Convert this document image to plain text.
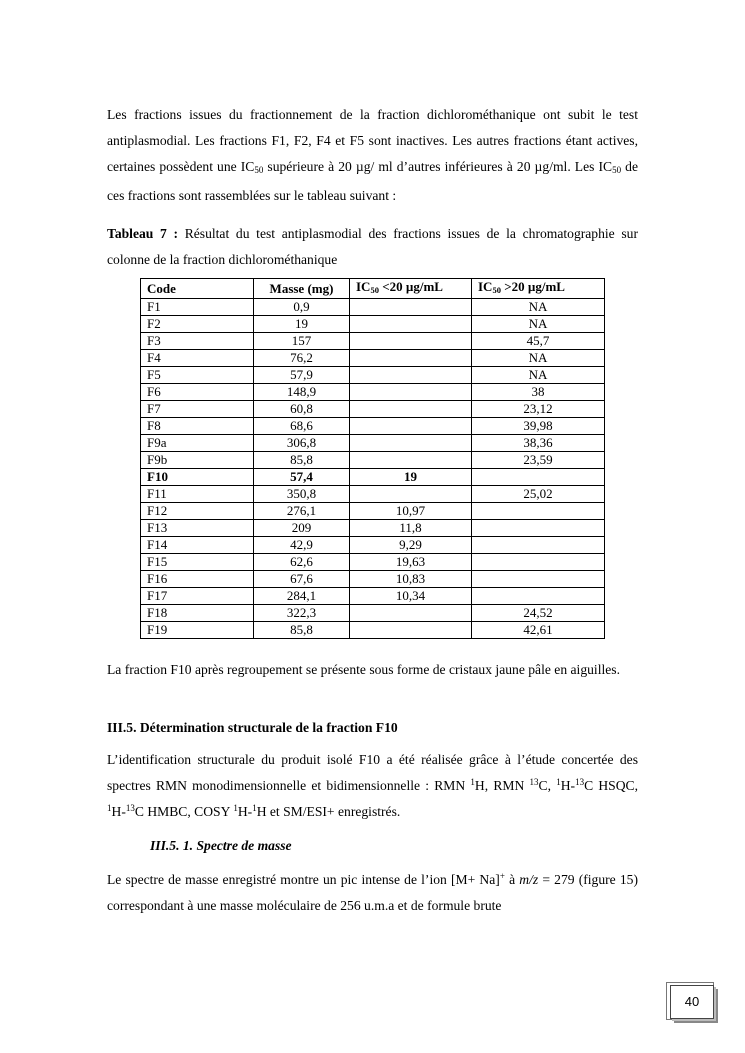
Les fractions issues du fractionnement de la fraction dichlorométhanique ont subit le test antiplasmodial. Les fractions F1, F2, F4 et F5 sont inactives. Les autres fractions étant actives, certaines possèdent une $IC_{50}$ supérieure à 20 µg/ ml d’autres inférieures à 20 µg/ml. Les $IC_{50}$ de ces fractions sont rassemblées sur le tableau suivant :

Tableau 7 : Résultat du test antiplasmodial des fractions issues de la chromatographie sur colonne de la fraction dichlorométhanique

Code	Masse (mg)	$IC_{50} <20$ µg/mL	$IC_{50} >20$ µg/mL
F1	0,9		NA
F2	19		NA
F3	157		45,7
F4	76,2		NA
F5	57,9		NA
F6	148,9		38
F7	60,8		23,12
F8	68,6		39,98
F9a	306,8		38,36
F9b	85,8		23,59
F10	57,4	19	
F11	350,8		25,02
F12	276,1	10,97	
F13	209	11,8	
F14	42,9	9,29	
F15	62,6	19,63	
F16	67,6	10,83	
F17	284,1	10,34	
F18	322,3		24,52
F19	85,8		42,61

La fraction F10 après regroupement se présente sous forme de cristaux jaune pâle en aiguilles.

III.5. Détermination structurale de la fraction F10

L’identification structurale du produit isolé F10 a été réalisée grâce à l’étude concertée des spectres RMN monodimensionnelle et bidimensionnelle : RMN $^1$H, RMN $^{13}$C, $^1$H-$^{13}$C HSQC, $^1$H-$^{13}$C HMBC, COSY $^1$H-$^1$H et SM/ESI+ enregistrés.

III.5. 1. Spectre de masse

Le spectre de masse enregistré montre un pic intense de l’ion [M+ Na]+ à m/z = 279 (figure 15) correspondant à une masse moléculaire de 256 u.m.a et de formule brute

40
